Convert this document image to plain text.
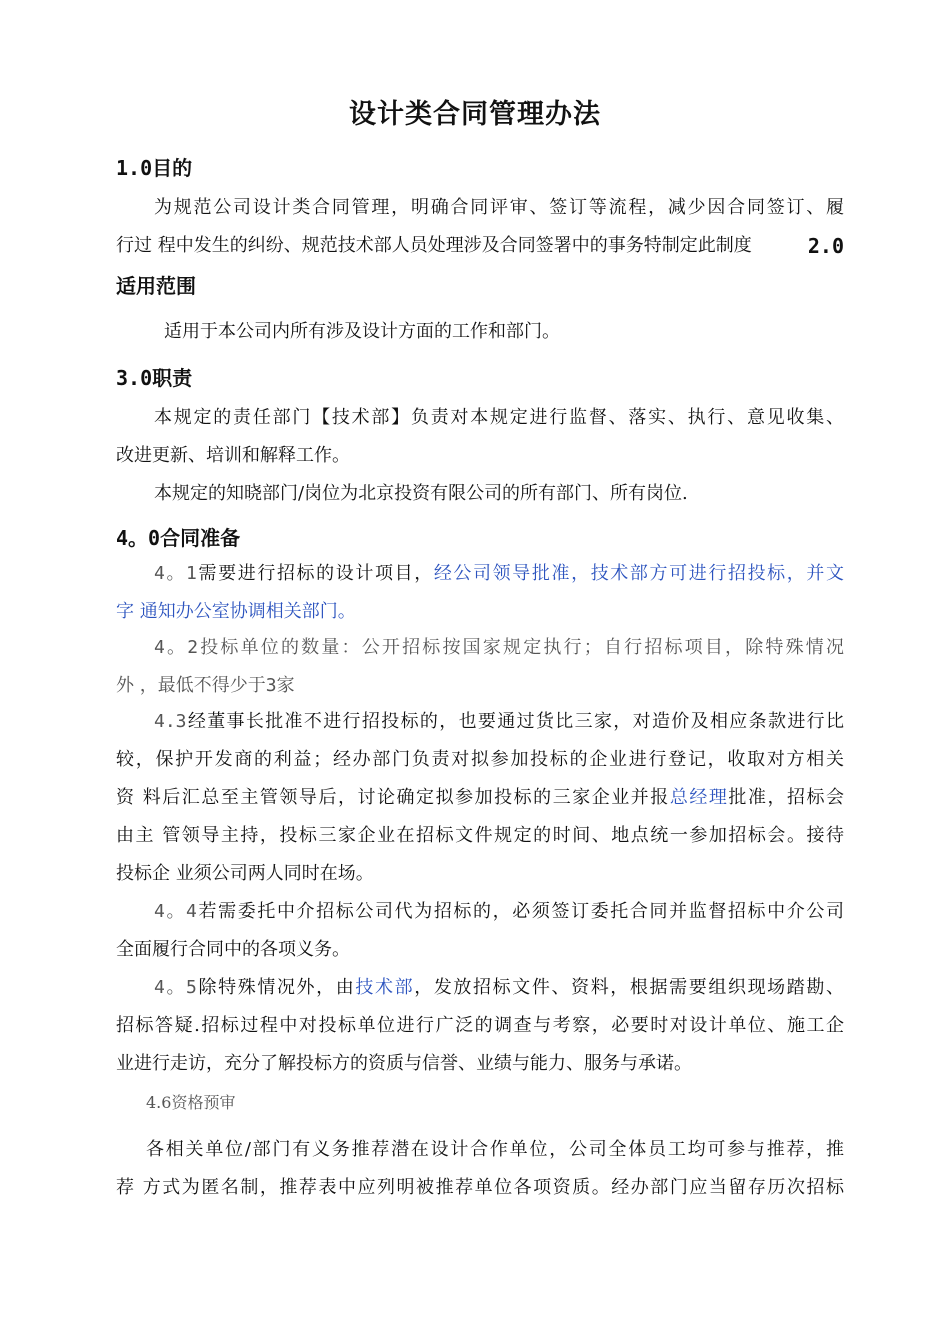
设计类合同管理办法
1.0目的
为规范公司设计类合同管理，明确合同评审、签订等流程，减少因合同签订、履
行过 程中发生的纠纷、规范技术部人员处理涉及合同签署中的事务特制定此制度	2.0
适用范围
适用于本公司内所有涉及设计方面的工作和部门。
3.0职责
本规定的责任部门【技术部】负责对本规定进行监督、落实、执行、意见收集、
改进更新、培训和解释工作。
本规定的知晓部门/岗位为北京投资有限公司的所有部门、所有岗位.
4。0合同准备
4。1需要进行招标的设计项目，经公司领导批准，技术部方可进行招投标，并文
字 通知办公室协调相关部门。
4。2投标单位的数量：公开招标按国家规定执行；自行招标项目，除特殊情况
外 ，最低不得少于3家
4.3经董事长批准不进行招投标的，也要通过货比三家，对造价及相应条款进行比
较，保护开发商的利益；经办部门负责对拟参加投标的企业进行登记，收取对方相关
资 料后汇总至主管领导后，讨论确定拟参加投标的三家企业并报总经理批准，招标会
由主 管领导主持，投标三家企业在招标文件规定的时间、地点统一参加招标会。接待
投标企 业须公司两人同时在场。
4。4若需委托中介招标公司代为招标的，必须签订委托合同并监督招标中介公司
全面履行合同中的各项义务。
4。5除特殊情况外，由技术部，发放招标文件、资料，根据需要组织现场踏勘、
招标答疑.招标过程中对投标单位进行广泛的调查与考察，必要时对设计单位、施工企
业进行走访，充分了解投标方的资质与信誉、业绩与能力、服务与承诺。
4.6资格预审
各相关单位/部门有义务推荐潜在设计合作单位，公司全体员工均可参与推荐，推
荐 方式为匿名制，推荐表中应列明被推荐单位各项资质。经办部门应当留存历次招标
